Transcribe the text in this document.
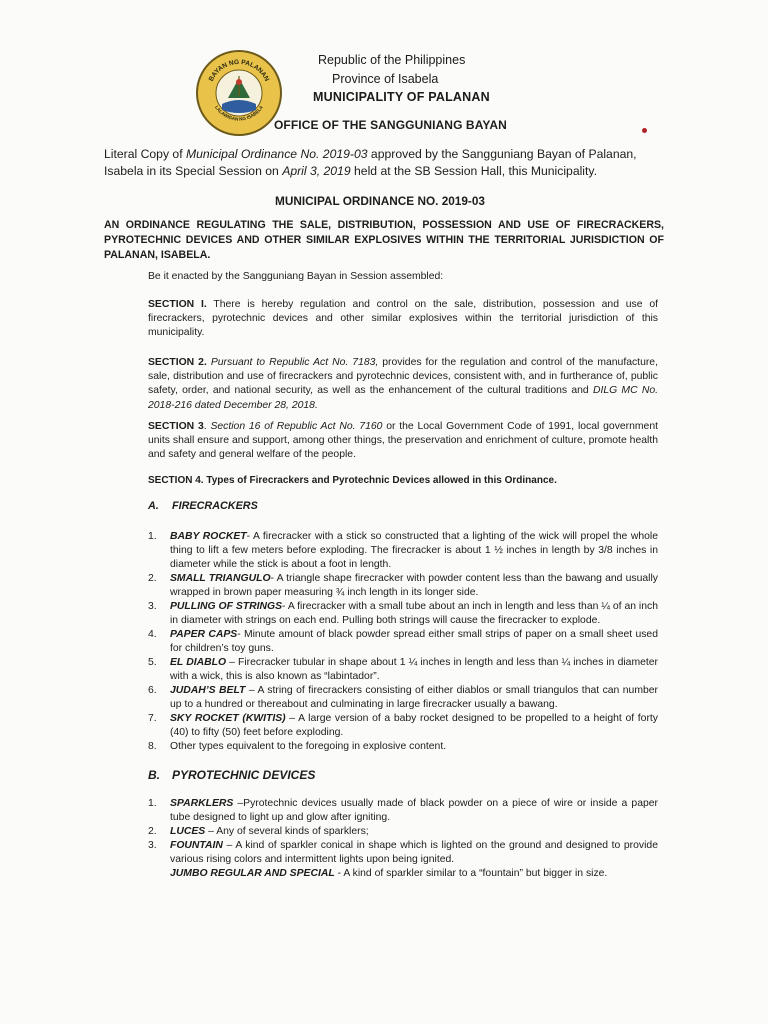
BAYAN NG PALANAN
LALAWIGAN NG ISABELA
Republic of the Philippines
Province of Isabela
MUNICIPALITY OF PALANAN
OFFICE OF THE SANGGUNIANG BAYAN
Literal Copy of Municipal Ordinance No. 2019-03 approved by the Sangguniang Bayan of Palanan, Isabela in its Special Session on April 3, 2019 held at the SB Session Hall, this Municipality.
MUNICIPAL ORDINANCE NO. 2019-03
AN ORDINANCE REGULATING THE SALE, DISTRIBUTION, POSSESSION AND USE OF FIRECRACKERS, PYROTECHNIC DEVICES AND OTHER SIMILAR EXPLOSIVES WITHIN THE TERRITORIAL JURISDICTION OF PALANAN, ISABELA.
Be it enacted by the Sangguniang Bayan in Session assembled:
SECTION I. There is hereby regulation and control on the sale, distribution, possession and use of firecrackers, pyrotechnic devices and other similar explosives within the territorial jurisdiction of this municipality.
SECTION 2. Pursuant to Republic Act No. 7183, provides for the regulation and control of the manufacture, sale, distribution and use of firecrackers and pyrotechnic devices, consistent with, and in furtherance of, public safety, order, and national security, as well as the enhancement of the cultural traditions and DILG MC No. 2018-216 dated December 28, 2018.
SECTION 3. Section 16 of Republic Act No. 7160 or the Local Government Code of 1991, local government units shall ensure and support, among other things, the preservation and enrichment of culture, promote health and safety and general welfare of the people.
SECTION 4. Types of Firecrackers and Pyrotechnic Devices allowed in this Ordinance.
A. FIRECRACKERS
1. BABY ROCKET- A firecracker with a stick so constructed that a lighting of the wick will propel the whole thing to lift a few meters before exploding. The firecracker is about 1 ½ inches in length by 3/8 inches in diameter while the stick is about a foot in length.
2. SMALL TRIANGULO- A triangle shape firecracker with powder content less than the bawang and usually wrapped in brown paper measuring ¾ inch length in its longer side.
3. PULLING OF STRINGS- A firecracker with a small tube about an inch in length and less than ¼ of an inch in diameter with strings on each end. Pulling both strings will cause the firecracker to explode.
4. PAPER CAPS- Minute amount of black powder spread either small strips of paper on a small sheet used for children’s toy guns.
5. EL DIABLO – Firecracker tubular in shape about 1 ¼ inches in length and less than ¼ inches in diameter with a wick, this is also known as “labintador”.
6. JUDAH’S BELT – A string of firecrackers consisting of either diablos or small triangulos that can number up to a hundred or thereabout and culminating in large firecracker usually a bawang.
7. SKY ROCKET (KWITIS) – A large version of a baby rocket designed to be propelled to a height of forty (40) to fifty (50) feet before exploding.
8. Other types equivalent to the foregoing in explosive content.
B. PYROTECHNIC DEVICES
1. SPARKLERS –Pyrotechnic devices usually made of black powder on a piece of wire or inside a paper tube designed to light up and glow after igniting.
2. LUCES – Any of several kinds of sparklers;
3. FOUNTAIN – A kind of sparkler conical in shape which is lighted on the ground and designed to provide various rising colors and intermittent lights upon being ignited.
JUMBO REGULAR AND SPECIAL - A kind of sparkler similar to a “fountain” but bigger in size.
